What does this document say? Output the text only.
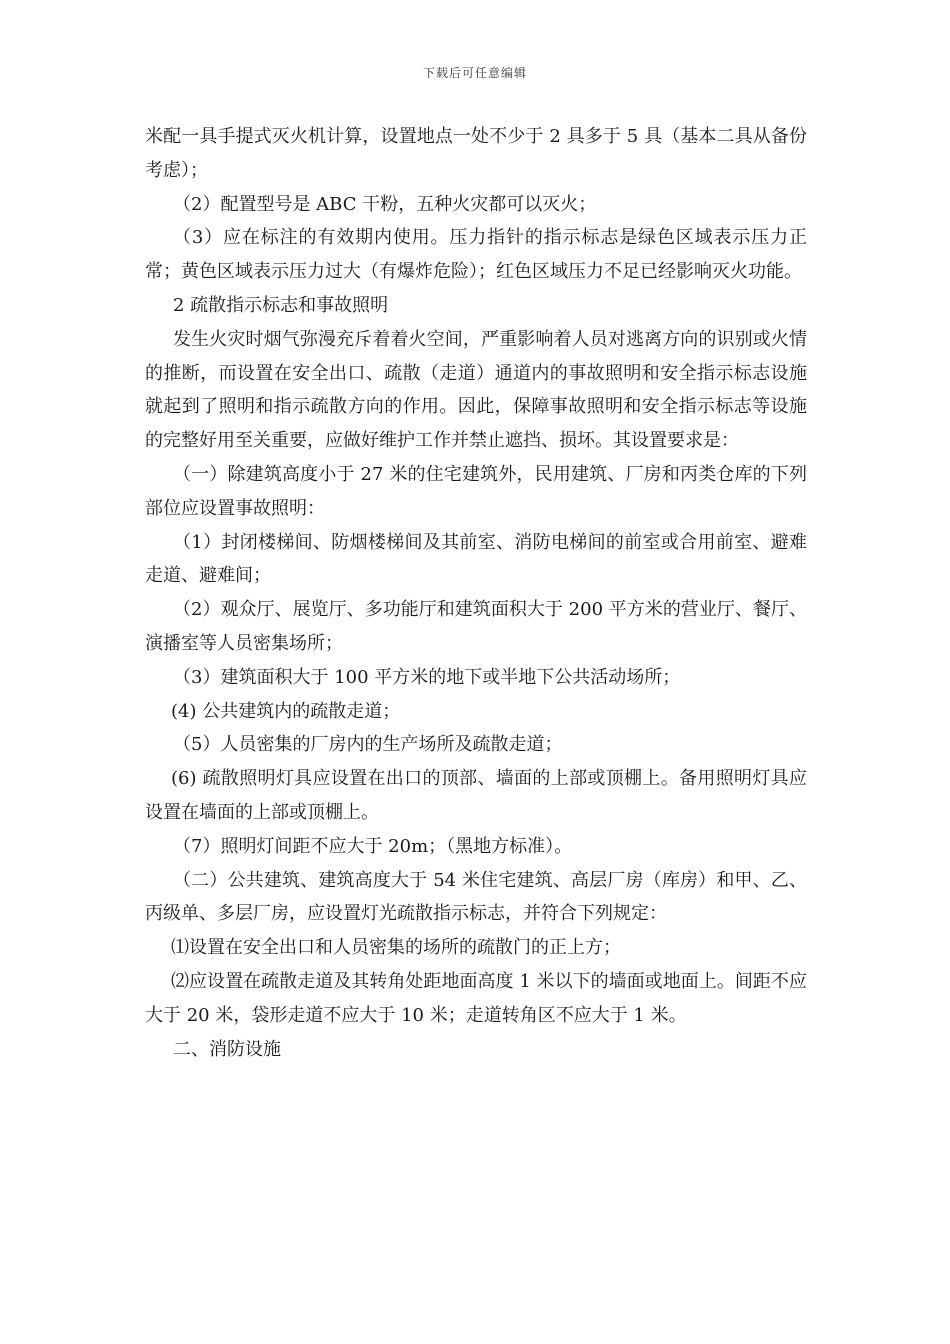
下载后可任意编辑

米配一具手提式灭火机计算，设置地点一处不少于 2 具多于 5 具（基本二具从备份考虑）；

（2）配置型号是 ABC 干粉，五种火灾都可以灭火；

（3）应在标注的有效期内使用。压力指针的指示标志是绿色区域表示压力正常；黄色区域表示压力过大（有爆炸危险）；红色区域压力不足已经影响灭火功能。

2 疏散指示标志和事故照明

发生火灾时烟气弥漫充斥着着火空间，严重影响着人员对逃离方向的识别或火情的推断，而设置在安全出口、疏散（走道）通道内的事故照明和安全指示标志设施就起到了照明和指示疏散方向的作用。因此，保障事故照明和安全指示标志等设施的完整好用至关重要，应做好维护工作并禁止遮挡、损坏。其设置要求是：

（一）除建筑高度小于 27 米的住宅建筑外，民用建筑、厂房和丙类仓库的下列部位应设置事故照明：

（1）封闭楼梯间、防烟楼梯间及其前室、消防电梯间的前室或合用前室、避难走道、避难间；

（2）观众厅、展览厅、多功能厅和建筑面积大于 200 平方米的营业厅、餐厅、演播室等人员密集场所；

（3）建筑面积大于 100 平方米的地下或半地下公共活动场所；

(4) 公共建筑内的疏散走道；

（5）人员密集的厂房内的生产场所及疏散走道；

(6) 疏散照明灯具应设置在出口的顶部、墙面的上部或顶棚上。备用照明灯具应设置在墙面的上部或顶棚上。

（7）照明灯间距不应大于 20m；（黑地方标准）。

（二）公共建筑、建筑高度大于 54 米住宅建筑、高层厂房（库房）和甲、乙、丙级单、多层厂房，应设置灯光疏散指示标志，并符合下列规定：

⑴设置在安全出口和人员密集的场所的疏散门的正上方；

⑵应设置在疏散走道及其转角处距地面高度 1 米以下的墙面或地面上。间距不应大于 20 米，袋形走道不应大于 10 米；走道转角区不应大于 1 米。

二、消防设施
